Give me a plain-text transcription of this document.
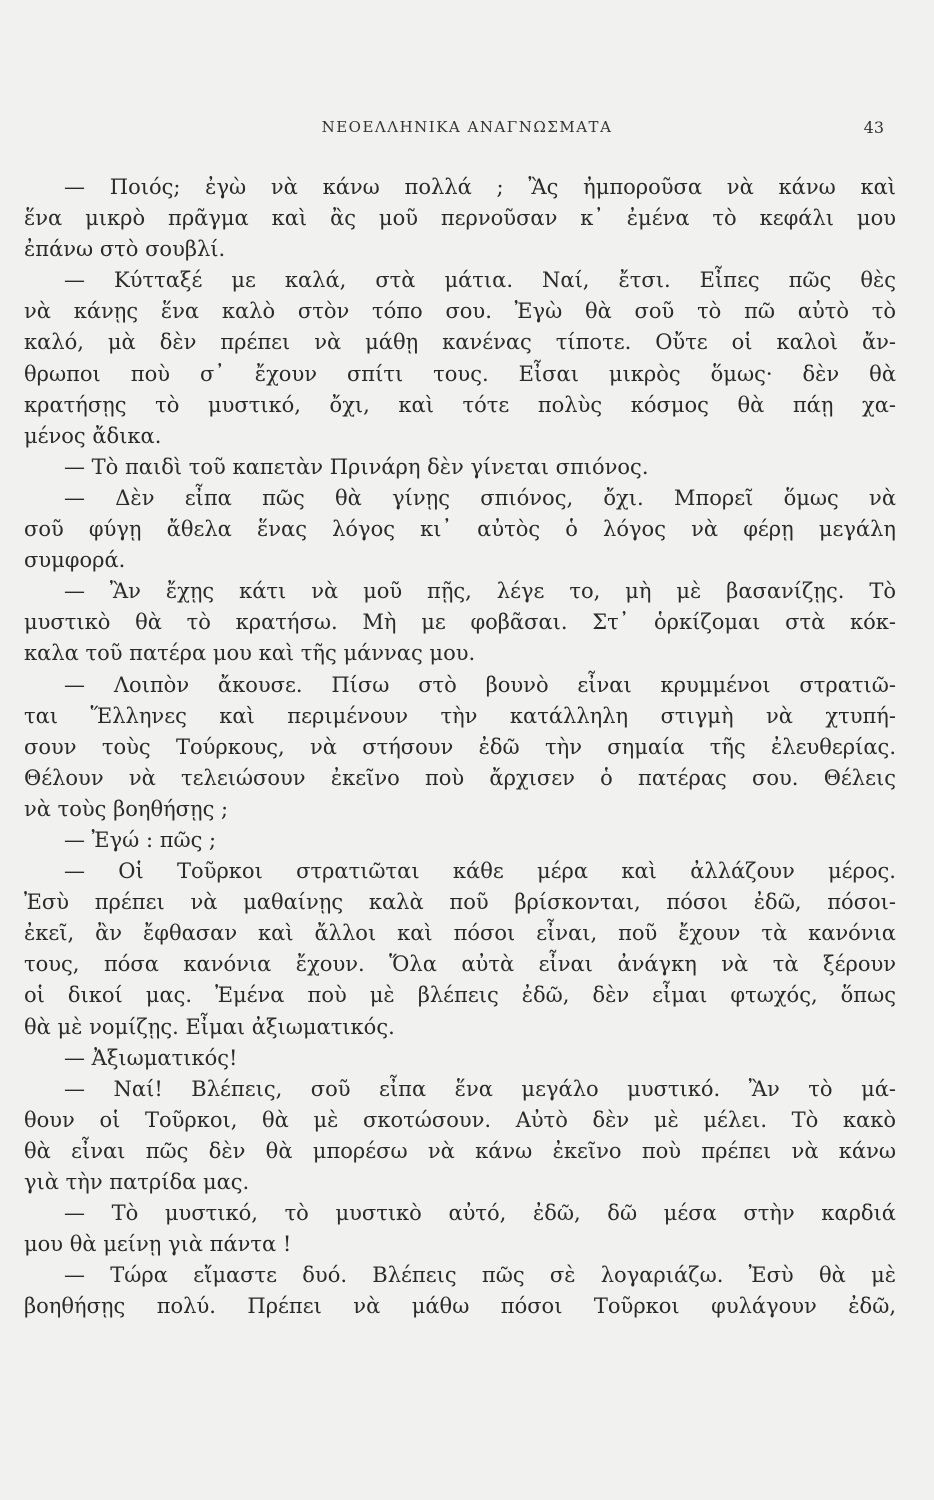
ΝΕΟΕΛΛΗΝΙΚΑ ΑΝΑΓΝΩΣΜΑΤΑ	43
— Ποιός; ἐγὼ νὰ κάνω πολλά ; Ἂς ἠμποροῦσα νὰ κάνω καὶ
ἕνα μικρὸ πρᾶγμα καὶ ἂς μοῦ περνοῦσαν κ᾽ ἐμένα τὸ κεφάλι μου
ἐπάνω στὸ σουβλί.
— Κύτταξέ με καλά, στὰ μάτια. Ναί, ἔτσι. Εἶπες πῶς θὲς
νὰ κάνῃς ἕνα καλὸ στὸν τόπο σου. Ἐγὼ θὰ σοῦ τὸ πῶ αὐτὸ τὸ
καλό, μὰ δὲν πρέπει νὰ μάθῃ κανένας τίποτε. Οὔτε οἱ καλοὶ ἄν-
θρωποι ποὺ σ᾽ ἔχουν σπίτι τους. Εἶσαι μικρὸς ὅμως· δὲν θὰ
κρατήσῃς τὸ μυστικό, ὄχι, καὶ τότε πολὺς κόσμος θὰ πάῃ χα-
μένος ἄδικα.
— Τὸ παιδὶ τοῦ καπετὰν Πρινάρη δὲν γίνεται σπιόνος.
— Δὲν εἶπα πῶς θὰ γίνῃς σπιόνος, ὄχι. Μπορεῖ ὅμως νὰ
σοῦ φύγῃ ἄθελα ἕνας λόγος κι᾽ αὐτὸς ὁ λόγος νὰ φέρῃ μεγάλη
συμφορά.
— Ἂν ἔχῃς κάτι νὰ μοῦ πῇς, λέγε το, μὴ μὲ βασανίζῃς. Τὸ
μυστικὸ θὰ τὸ κρατήσω. Μὴ με φοβᾶσαι. Στ᾽ ὁρκίζομαι στὰ κόκ-
καλα τοῦ πατέρα μου καὶ τῆς μάννας μου.
— Λοιπὸν ἄκουσε. Πίσω στὸ βουνὸ εἶναι κρυμμένοι στρατιῶ-
ται Ἕλληνες καὶ περιμένουν τὴν κατάλληλη στιγμὴ νὰ χτυπή-
σουν τοὺς Τούρκους, νὰ στήσουν ἐδῶ τὴν σημαία τῆς ἐλευθερίας.
Θέλουν νὰ τελειώσουν ἐκεῖνο ποὺ ἄρχισεν ὁ πατέρας σου. Θέλεις
νὰ τοὺς βοηθήσῃς ;
— Ἐγώ : πῶς ;
— Οἱ Τοῦρκοι στρατιῶται κάθε μέρα καὶ ἀλλάζουν μέρος.
Ἐσὺ πρέπει νὰ μαθαίνῃς καλὰ ποῦ βρίσκονται, πόσοι ἐδῶ, πόσοι-
ἐκεῖ, ἂν ἔφθασαν καὶ ἄλλοι καὶ πόσοι εἶναι, ποῦ ἔχουν τὰ κανόνια
τους, πόσα κανόνια ἔχουν. Ὅλα αὐτὰ εἶναι ἀνάγκη νὰ τὰ ξέρουν
οἱ δικοί μας. Ἐμένα ποὺ μὲ βλέπεις ἐδῶ, δὲν εἶμαι φτωχός, ὅπως
θὰ μὲ νομίζῃς. Εἶμαι ἀξιωματικός.
— Ἀξιωματικός!
— Ναί! Βλέπεις, σοῦ εἶπα ἕνα μεγάλο μυστικό. Ἂν τὸ μά-
θουν οἱ Τοῦρκοι, θὰ μὲ σκοτώσουν. Αὐτὸ δὲν μὲ μέλει. Τὸ κακὸ
θὰ εἶναι πῶς δὲν θὰ μπορέσω νὰ κάνω ἐκεῖνο ποὺ πρέπει νὰ κάνω
γιὰ τὴν πατρίδα μας.
— Τὸ μυστικό, τὸ μυστικὸ αὐτό, ἐδῶ, δῶ μέσα στὴν καρδιά
μου θὰ μείνῃ γιὰ πάντα !
— Τώρα εἴμαστε δυό. Βλέπεις πῶς σὲ λογαριάζω. Ἐσὺ θὰ μὲ
βοηθήσῃς πολύ. Πρέπει νὰ μάθω πόσοι Τοῦρκοι φυλάγουν ἐδῶ,
